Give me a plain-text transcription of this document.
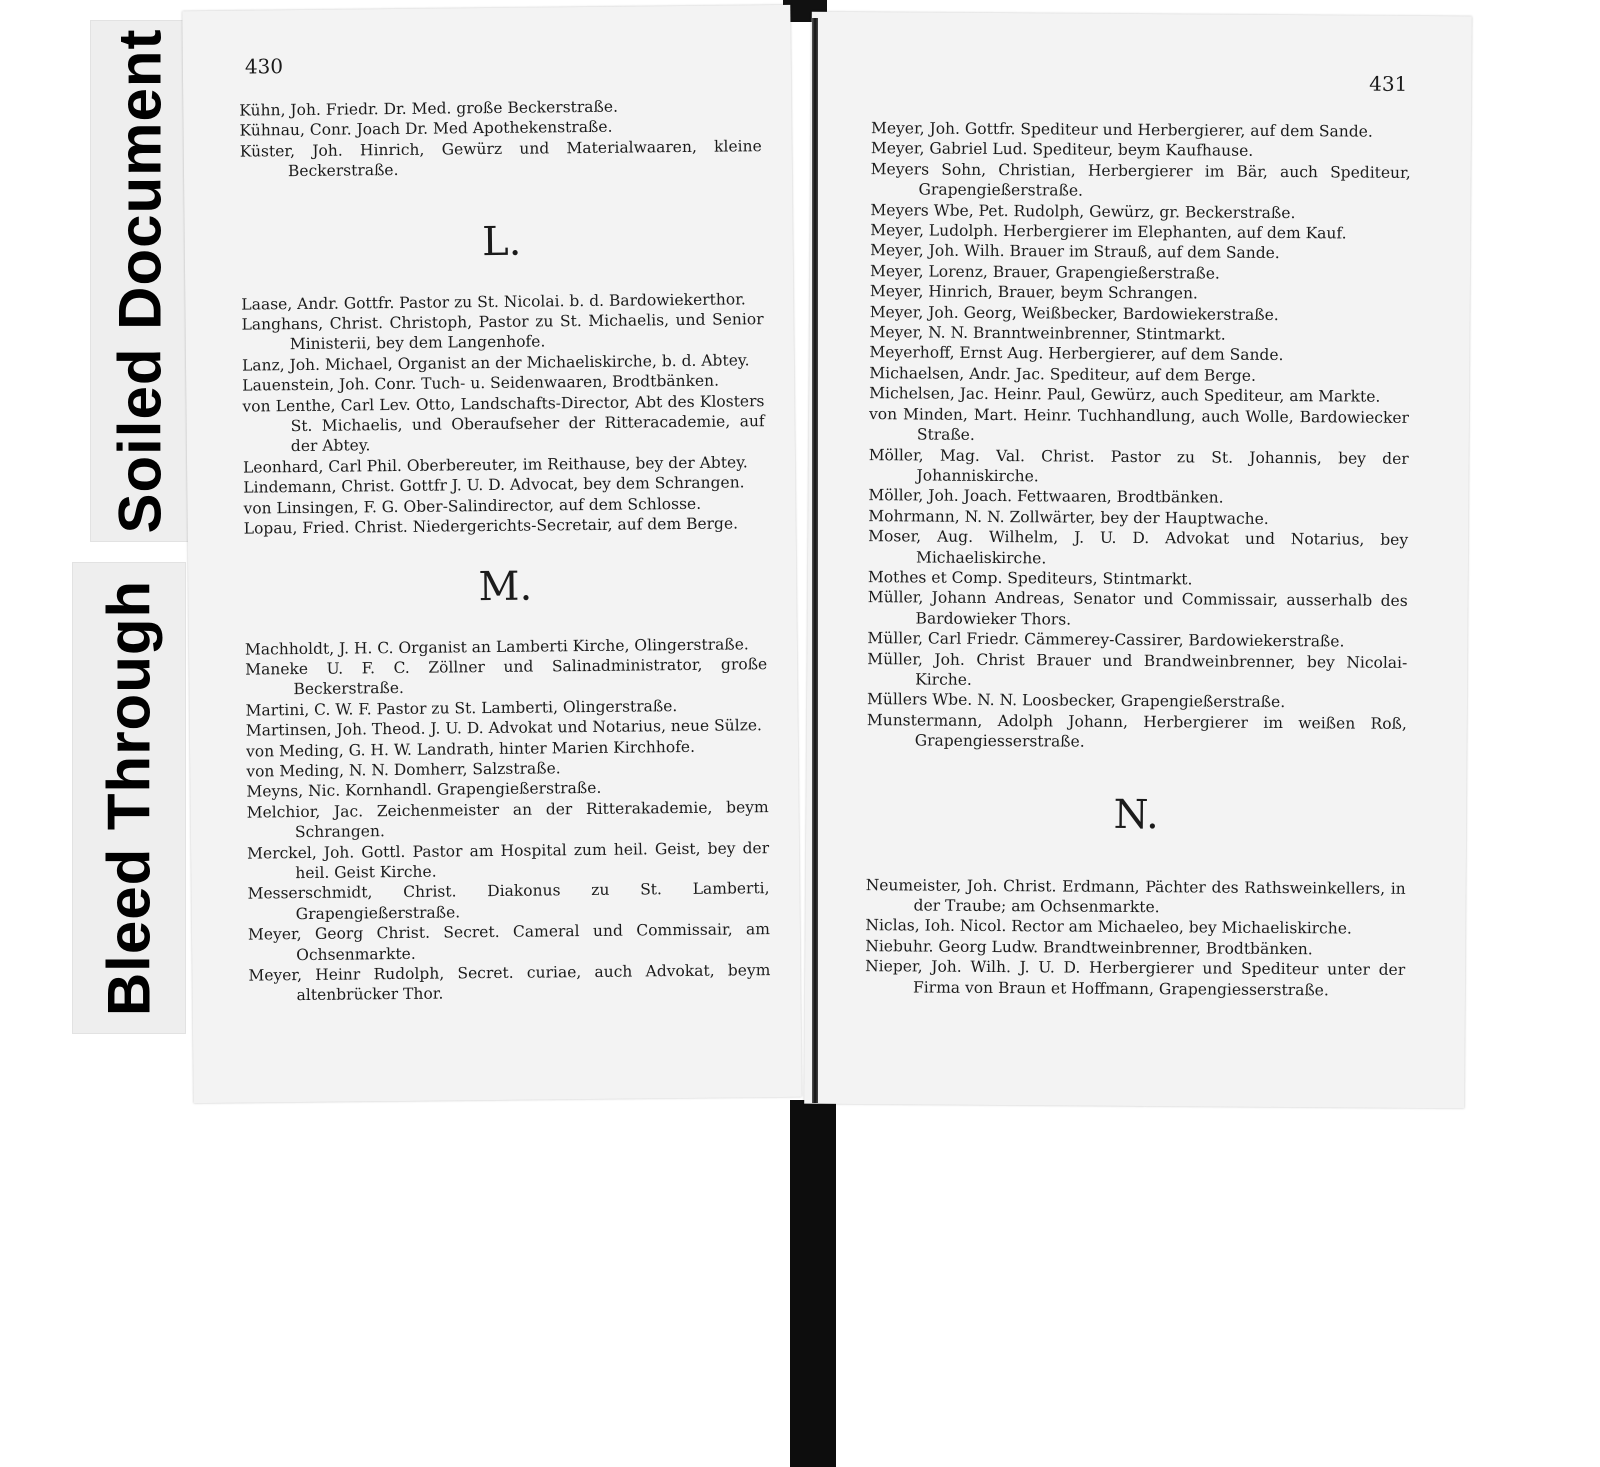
Soiled Document
Bleed Through
430

Kühn, Joh. Friedr. Dr. Med. große Beckerstraße.

Kühnau, Conr. Joach Dr. Med Apothekenstraße.

Küster, Joh. Hinrich, Gewürz und Materialwaaren, kleine Beckerstraße.

L.

Laase, Andr. Gottfr. Pastor zu St. Nicolai. b. d. Bardowiekerthor.

Langhans, Christ. Christoph, Pastor zu St. Michaelis, und Senior Ministerii, bey dem Langenhofe.

Lanz, Joh. Michael, Organist an der Michaeliskirche, b. d. Abtey.

Lauenstein, Joh. Conr. Tuch- u. Seidenwaaren, Brodtbänken.

von Lenthe, Carl Lev. Otto, Landschafts-Director, Abt des Klosters St. Michaelis, und Oberaufseher der Ritteracademie, auf der Abtey.

Leonhard, Carl Phil. Oberbereuter, im Reithause, bey der Abtey.

Lindemann, Christ. Gottfr J. U. D. Advocat, bey dem Schrangen.

von Linsingen, F. G. Ober-Salindirector, auf dem Schlosse.

Lopau, Fried. Christ. Niedergerichts-Secretair, auf dem Berge.

M.

Machholdt, J. H. C. Organist an Lamberti Kirche, Olingerstraße.

Maneke U. F. C. Zöllner und Salinadministrator, große Beckerstraße.

Martini, C. W. F. Pastor zu St. Lamberti, Olingerstraße.

Martinsen, Joh. Theod. J. U. D. Advokat und Notarius, neue Sülze.

von Meding, G. H. W. Landrath, hinter Marien Kirchhofe.

von Meding, N. N. Domherr, Salzstraße.

Meyns, Nic. Kornhandl. Grapengießerstraße.

Melchior, Jac. Zeichenmeister an der Ritterakademie, beym Schrangen.

Merckel, Joh. Gottl. Pastor am Hospital zum heil. Geist, bey der heil. Geist Kirche.

Messerschmidt, Christ. Diakonus zu St. Lamberti, Grapengießerstraße.

Meyer, Georg Christ. Secret. Cameral und Commissair, am Ochsenmarkte.

Meyer, Heinr Rudolph, Secret. curiae, auch Advokat, beym altenbrücker Thor.

431

Meyer, Joh. Gottfr. Spediteur und Herbergierer, auf dem Sande.

Meyer, Gabriel Lud. Spediteur, beym Kaufhause.

Meyers Sohn, Christian, Herbergierer im Bär, auch Spediteur, Grapengießerstraße.

Meyers Wbe, Pet. Rudolph, Gewürz, gr. Beckerstraße.

Meyer, Ludolph. Herbergierer im Elephanten, auf dem Kauf.

Meyer, Joh. Wilh. Brauer im Strauß, auf dem Sande.

Meyer, Lorenz, Brauer, Grapengießerstraße.

Meyer, Hinrich, Brauer, beym Schrangen.

Meyer, Joh. Georg, Weißbecker, Bardowiekerstraße.

Meyer, N. N. Branntweinbrenner, Stintmarkt.

Meyerhoff, Ernst Aug. Herbergierer, auf dem Sande.

Michaelsen, Andr. Jac. Spediteur, auf dem Berge.

Michelsen, Jac. Heinr. Paul, Gewürz, auch Spediteur, am Markte.

von Minden, Mart. Heinr. Tuchhandlung, auch Wolle, Bardowiecker Straße.

Möller, Mag. Val. Christ. Pastor zu St. Johannis, bey der Johanniskirche.

Möller, Joh. Joach. Fettwaaren, Brodtbänken.

Mohrmann, N. N. Zollwärter, bey der Hauptwache.

Moser, Aug. Wilhelm, J. U. D. Advokat und Notarius, bey Michaeliskirche.

Mothes et Comp. Spediteurs, Stintmarkt.

Müller, Johann Andreas, Senator und Commissair, ausserhalb des Bardowieker Thors.

Müller, Carl Friedr. Cämmerey-Cassirer, Bardowiekerstraße.

Müller, Joh. Christ Brauer und Brandweinbrenner, bey Nicolai-Kirche.

Müllers Wbe. N. N. Loosbecker, Grapengießerstraße.

Munstermann, Adolph Johann, Herbergierer im weißen Roß, Grapengiesserstraße.

N.

Neumeister, Joh. Christ. Erdmann, Pächter des Rathsweinkellers, in der Traube; am Ochsenmarkte.

Niclas, Ioh. Nicol. Rector am Michaeleo, bey Michaeliskirche.

Niebuhr. Georg Ludw. Brandtweinbrenner, Brodtbänken.

Nieper, Joh. Wilh. J. U. D. Herbergierer und Spediteur unter der Firma von Braun et Hoffmann, Grapengiesserstraße.
